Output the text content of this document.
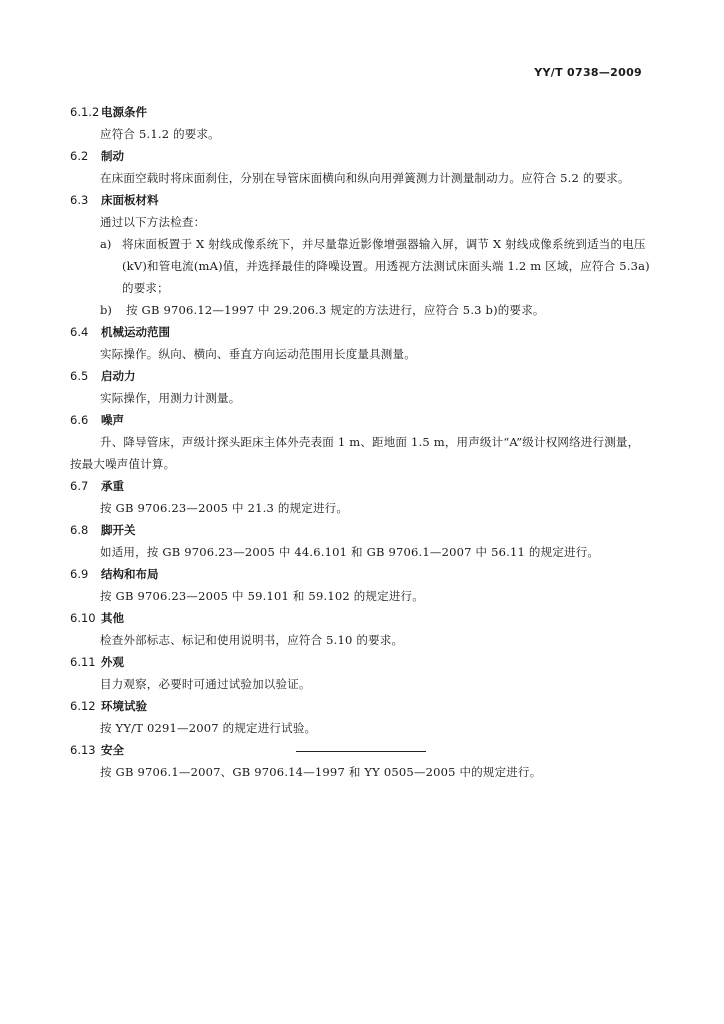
YY/T 0738—2009
6.1.2 电源条件
应符合 5.1.2 的要求。
6.2 制动
在床面空载时将床面刹住，分别在导管床面横向和纵向用弹簧测力计测量制动力。应符合 5.2 的要求。
6.3 床面板材料
通过以下方法检查：
a) 将床面板置于 X 射线成像系统下，并尽量靠近影像增强器输入屏，调节 X 射线成像系统到适当的电压(kV)和管电流(mA)值，并选择最佳的降噪设置。用透视方法测试床面头端 1.2 m 区域，应符合 5.3a)的要求；
b)	按 GB 9706.12—1997 中 29.206.3 规定的方法进行，应符合 5.3 b)的要求。
6.4 机械运动范围
实际操作。纵向、横向、垂直方向运动范围用长度量具测量。
6.5 启动力
实际操作，用测力计测量。
6.6 噪声
升、降导管床，声级计探头距床主体外壳表面 1 m、距地面 1.5 m，用声级计“A”级计权网络进行测量，按最大噪声值计算。
6.7 承重
按 GB 9706.23—2005 中 21.3 的规定进行。
6.8 脚开关
如适用，按 GB 9706.23—2005 中 44.6.101 和 GB 9706.1—2007 中 56.11 的规定进行。
6.9 结构和布局
按 GB 9706.23—2005 中 59.101 和 59.102 的规定进行。
6.10 其他
检查外部标志、标记和使用说明书，应符合 5.10 的要求。
6.11 外观
目力观察，必要时可通过试验加以验证。
6.12 环境试验
按 YY/T 0291—2007 的规定进行试验。
6.13 安全
按 GB 9706.1—2007、GB 9706.14—1997 和 YY 0505—2005 中的规定进行。
